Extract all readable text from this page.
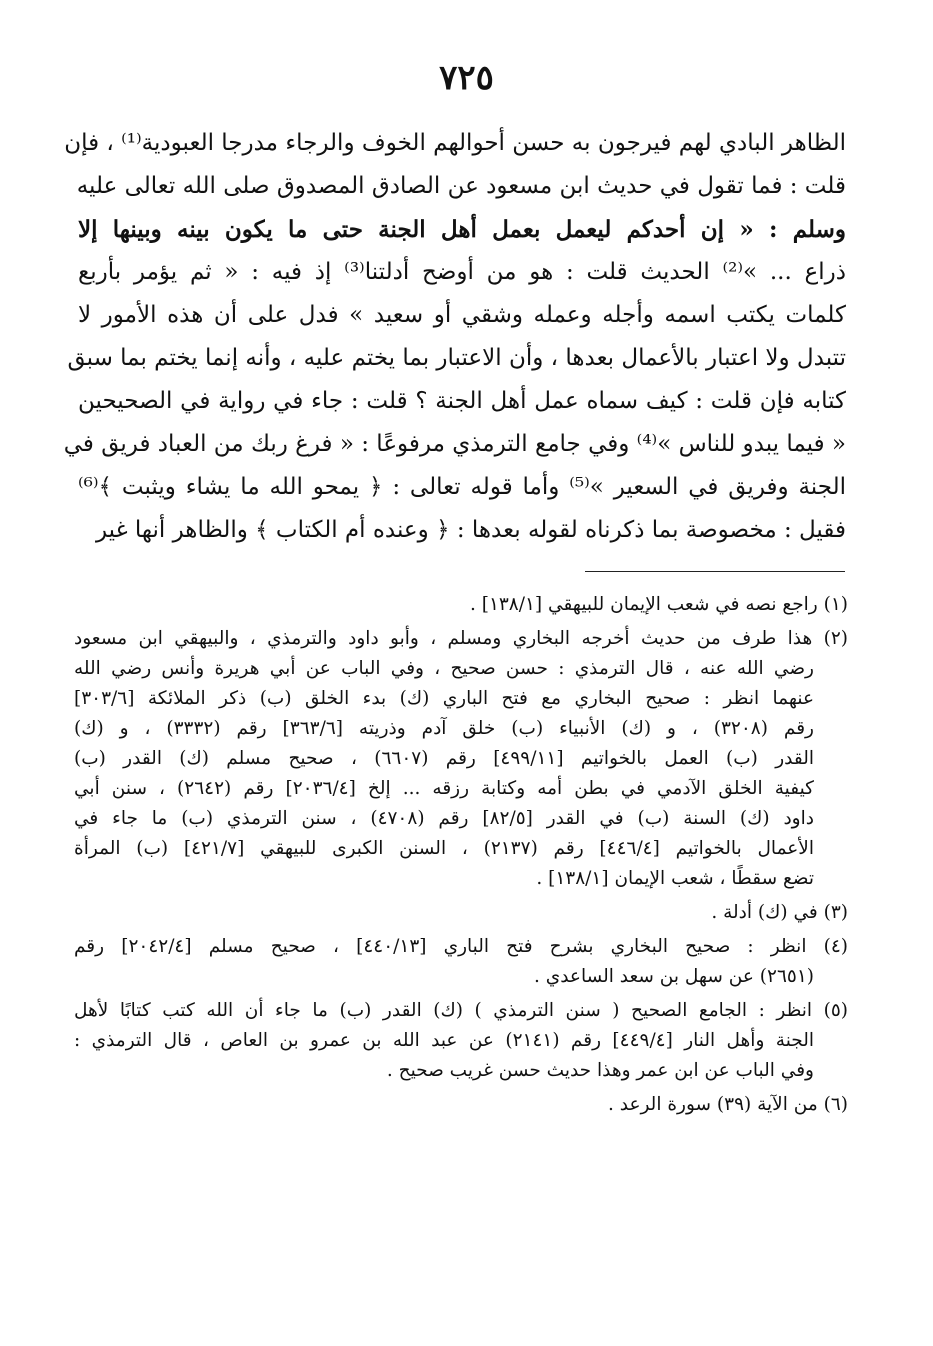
٧٢٥
الظاهر البادي لهم فيرجون به حسن أحوالهم الخوف والرجاء مدرجا العبودية⁽¹⁾ ، فإن
قلت : فما تقول في حديث ابن مسعود عن الصادق المصدوق صلى الله تعالى عليه
وسلم : « إن أحدكم ليعمل بعمل أهل الجنة حتى ما يكون بينه وبينها إلا
ذراع ... »⁽²⁾ الحديث قلت : هو من أوضح أدلتنا⁽³⁾ إذ فيه : « ثم يؤمر بأربع
كلمات يكتب اسمه وأجله وعمله وشقي أو سعيد » فدل على أن هذه الأمور لا
تتبدل ولا اعتبار بالأعمال بعدها ، وأن الاعتبار بما يختم عليه ، وأنه إنما يختم بما سبق
كتابه فإن قلت : كيف سماه عمل أهل الجنة ؟ قلت : جاء في رواية في الصحيحين
« فيما يبدو للناس »⁽⁴⁾ وفي جامع الترمذي مرفوعًا : « فرغ ربك من العباد فريق في
الجنة وفريق في السعير »⁽⁵⁾ وأما قوله تعالى : ﴿ يمحو الله ما يشاء ويثبت ﴾⁽⁶⁾
فقيل : مخصوصة بما ذكرناه لقوله بعدها : ﴿ وعنده أم الكتاب ﴾ والظاهر أنها غير
(١) راجع نصه في شعب الإيمان للبيهقي [١٣٨/١] .
(٢) هذا طرف من حديث أخرجه البخاري ومسلم ، وأبو داود والترمذي ، والبيهقي ابن مسعود
رضي الله عنه ، قال الترمذي : حسن صحيح ، وفي الباب عن أبي هريرة وأنس رضي الله
عنهما انظر : صحيح البخاري مع فتح الباري (ك) بدء الخلق (ب) ذكر الملائكة [٣٠٣/٦]
رقم (٣٢٠٨) ، و (ك) الأنبياء (ب) خلق آدم وذريته [٣٦٣/٦] رقم (٣٣٣٢) ، و (ك)
القدر (ب) العمل بالخواتيم [٤٩٩/١١] رقم (٦٦٠٧) ، صحيح مسلم (ك) القدر (ب)
كيفية الخلق الآدمي في بطن أمه وكتابة رزقه ... إلخ [٢٠٣٦/٤] رقم (٢٦٤٢) ، سنن أبي
داود (ك) السنة (ب) في القدر [٨٢/٥] رقم (٤٧٠٨) ، سنن الترمذي (ب) ما جاء في
الأعمال بالخواتيم [٤٤٦/٤] رقم (٢١٣٧) ، السنن الكبرى للبيهقي [٤٢١/٧] (ب) المرأة
تضع سقطًا ، شعب الإيمان [١٣٨/١] .
(٣) في (ك) أدلة .
(٤) انظر : صحيح البخاري بشرح فتح الباري [٤٤٠/١٣] ، صحيح مسلم [٢٠٤٢/٤] رقم
(٢٦٥١) عن سهل بن سعد الساعدي .
(٥) انظر : الجامع الصحيح ( سنن الترمذي ) (ك) القدر (ب) ما جاء أن الله كتب كتابًا لأهل
الجنة وأهل النار [٤٤٩/٤] رقم (٢١٤١) عن عبد الله بن عمرو بن العاص ، قال الترمذي :
وفي الباب عن ابن عمر وهذا حديث حسن غريب صحيح .
(٦) من الآية (٣٩) سورة الرعد .
